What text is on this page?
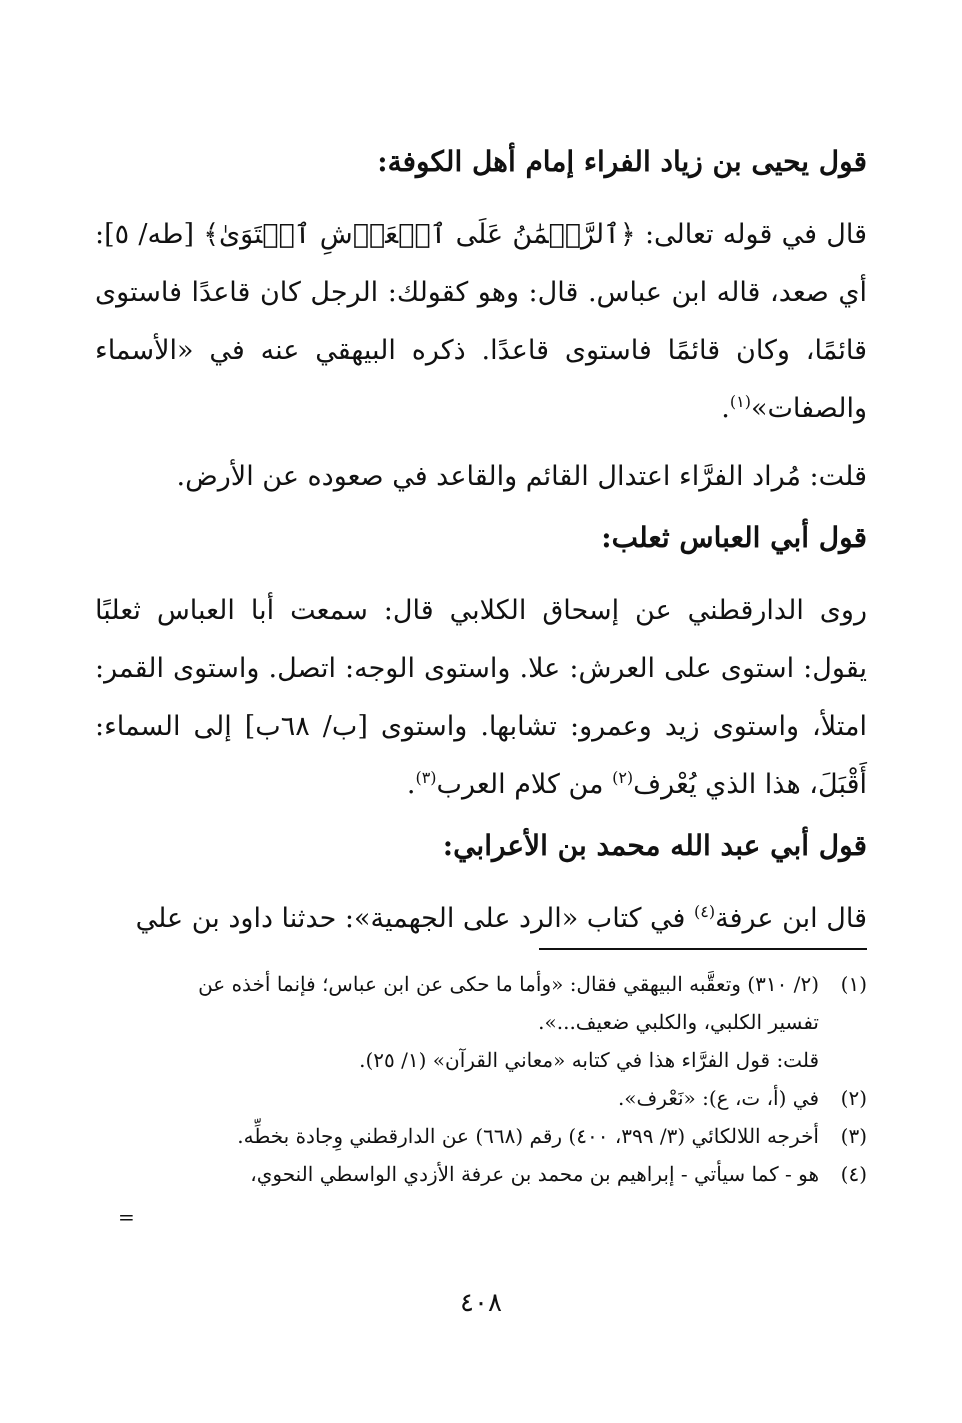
قول يحيى بن زياد الفراء إمام أهل الكوفة:

قال في قوله تعالى: ﴿ٱلرَّحۡمَٰنُ عَلَى ٱلۡعَرۡشِ ٱسۡتَوَىٰ﴾ [طه/ ٥]: أي صعد، قاله ابن عباس. قال: وهو كقولك: الرجل كان قاعدًا فاستوى قائمًا، وكان قائمًا فاستوى قاعدًا. ذكره البيهقي عنه في «الأسماء والصفات»$^{(١)}$.

قلت: مُراد الفرَّاء اعتدال القائم والقاعد في صعوده عن الأرض.

قول أبي العباس ثعلب:

روى الدارقطني عن إسحاق الكلابي قال: سمعت أبا العباس ثعلبًا يقول: استوى على العرش: علا. واستوى الوجه: اتصل. واستوى القمر: امتلأ، واستوى زيد وعمرو: تشابها. واستوى [ب/ ٦٨ب] إلى السماء: أَقْبَلَ، هذا الذي يُعْرف$^{(٢)}$ من كلام العرب$^{(٣)}$.

قول أبي عبد الله محمد بن الأعرابي:

قال ابن عرفة$^{(٤)}$ في كتاب «الرد على الجهمية»: حدثنا داود بن علي

(١)
(٢/ ٣١٠) وتعقَّبه البيهقي فقال: «وأما ما حكى عن ابن عباس؛ فإنما أخذه عن
تفسير الكلبي، والكلبي ضعيف...».
قلت: قول الفرَّاء هذا في كتابه «معاني القرآن» (١/ ٢٥).
(٢)
في (أ، ت، ع): «نَعْرف».
(٣)
أخرجه اللالكائي (٣/ ٣٩٩، ٤٠٠) رقم (٦٦٨) عن الدارقطني وِجادة بخطِّه.
(٤)
هو - كما سيأتي - إبراهيم بن محمد بن عرفة الأزدي الواسطي النحوي،
=
٤٠٨
